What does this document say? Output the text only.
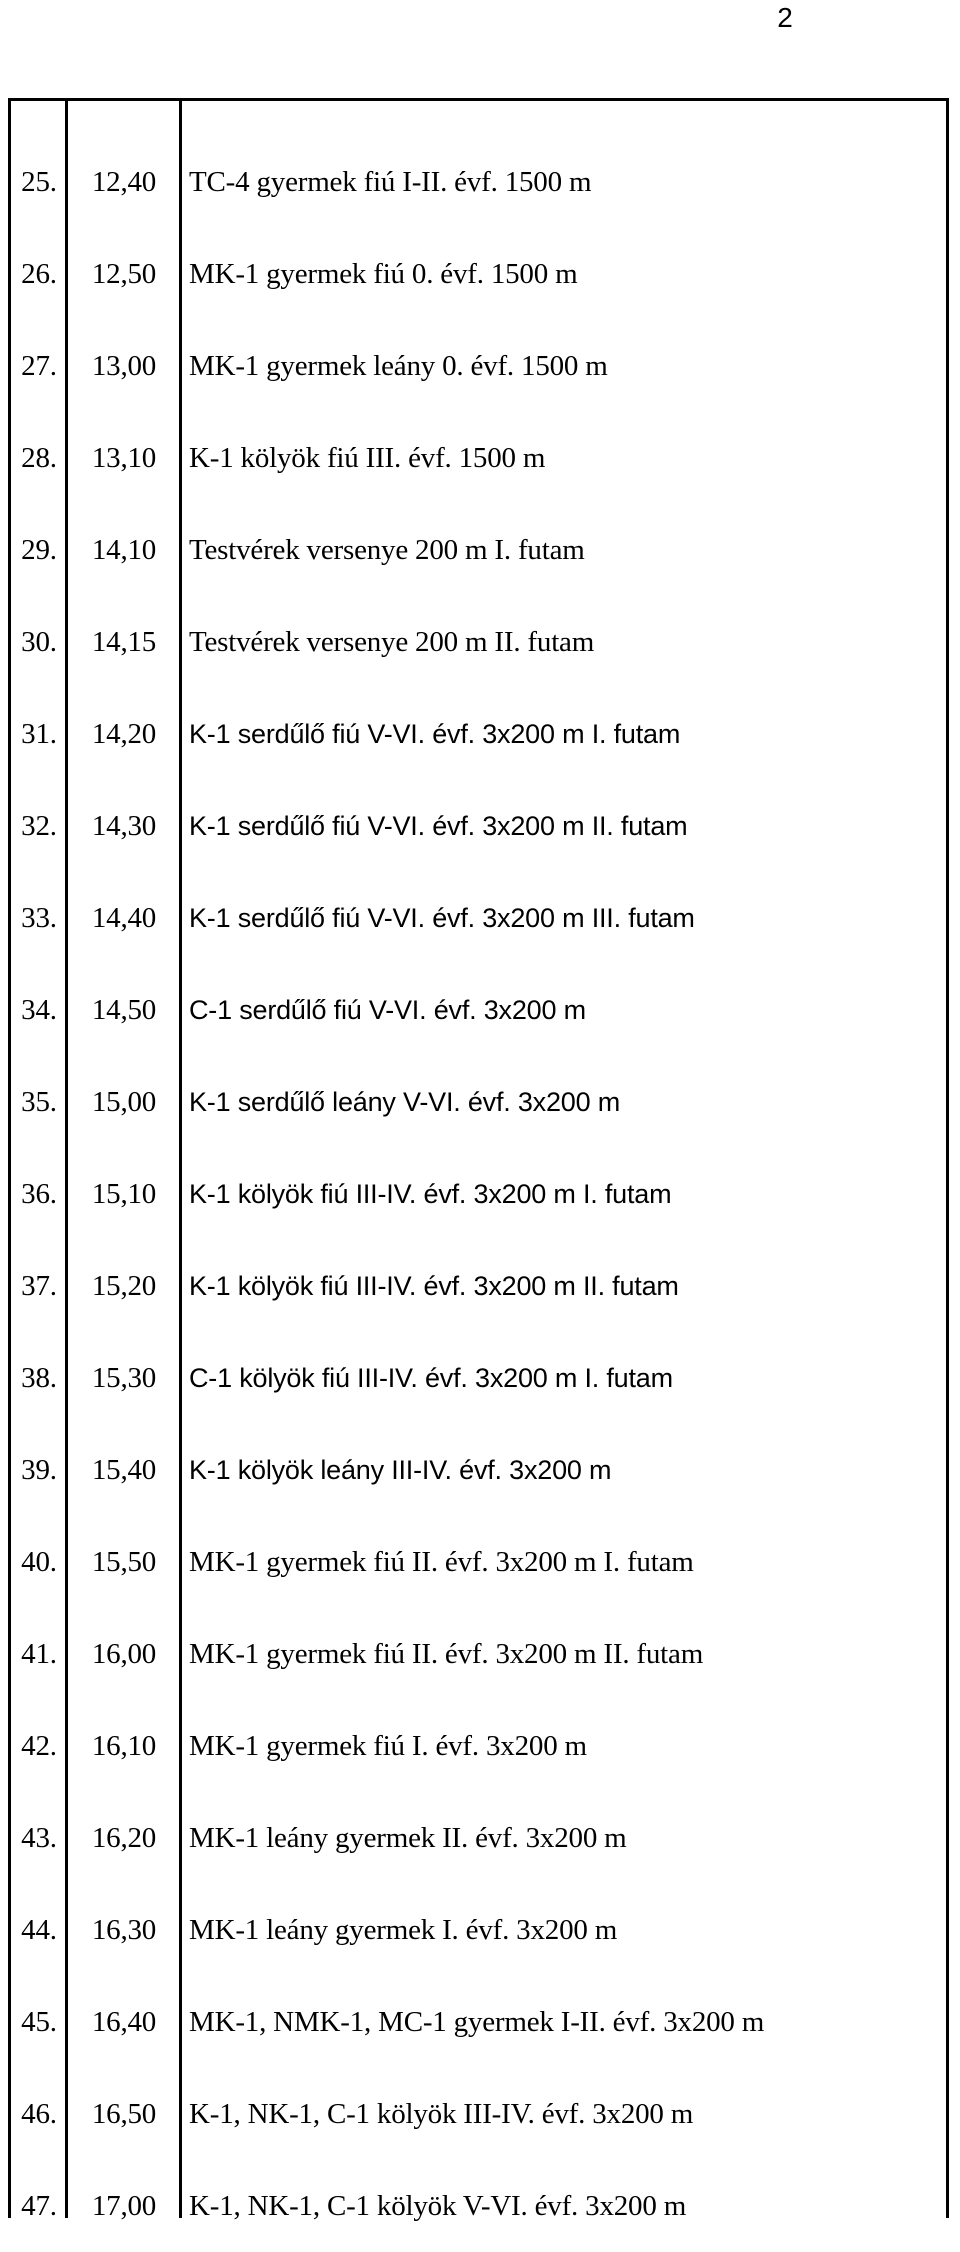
2
25.	12,40	TC-4 gyermek fiú I-II. évf. 1500 m
26.	12,50	MK-1 gyermek fiú 0. évf. 1500 m
27.	13,00	MK-1 gyermek leány 0. évf. 1500 m
28.	13,10	K-1 kölyök fiú III. évf. 1500 m
29.	14,10	Testvérek versenye 200 m I. futam
30.	14,15	Testvérek versenye 200 m II. futam
31.	14,20	K-1 serdűlő fiú V-VI. évf. 3x200 m I. futam
32.	14,30	K-1 serdűlő fiú V-VI. évf. 3x200 m II. futam
33.	14,40	K-1 serdűlő fiú V-VI. évf. 3x200 m III. futam
34.	14,50	C-1 serdűlő fiú V-VI. évf. 3x200 m
35.	15,00	K-1 serdűlő leány V-VI. évf. 3x200 m
36.	15,10	K-1 kölyök fiú III-IV. évf. 3x200 m I. futam
37.	15,20	K-1 kölyök fiú III-IV. évf. 3x200 m II. futam
38.	15,30	C-1 kölyök fiú III-IV. évf. 3x200 m I. futam
39.	15,40	K-1 kölyök leány III-IV. évf. 3x200 m
40.	15,50	MK-1 gyermek fiú II. évf. 3x200 m I. futam
41.	16,00	MK-1 gyermek fiú II. évf. 3x200 m II. futam
42.	16,10	MK-1 gyermek fiú I. évf. 3x200 m
43.	16,20	MK-1 leány gyermek II. évf. 3x200 m
44.	16,30	MK-1 leány gyermek I. évf. 3x200 m
45.	16,40	MK-1, NMK-1, MC-1 gyermek I-II. évf. 3x200 m
46.	16,50	K-1, NK-1, C-1 kölyök III-IV. évf. 3x200 m
47.	17,00	K-1, NK-1, C-1 kölyök V-VI. évf. 3x200 m
